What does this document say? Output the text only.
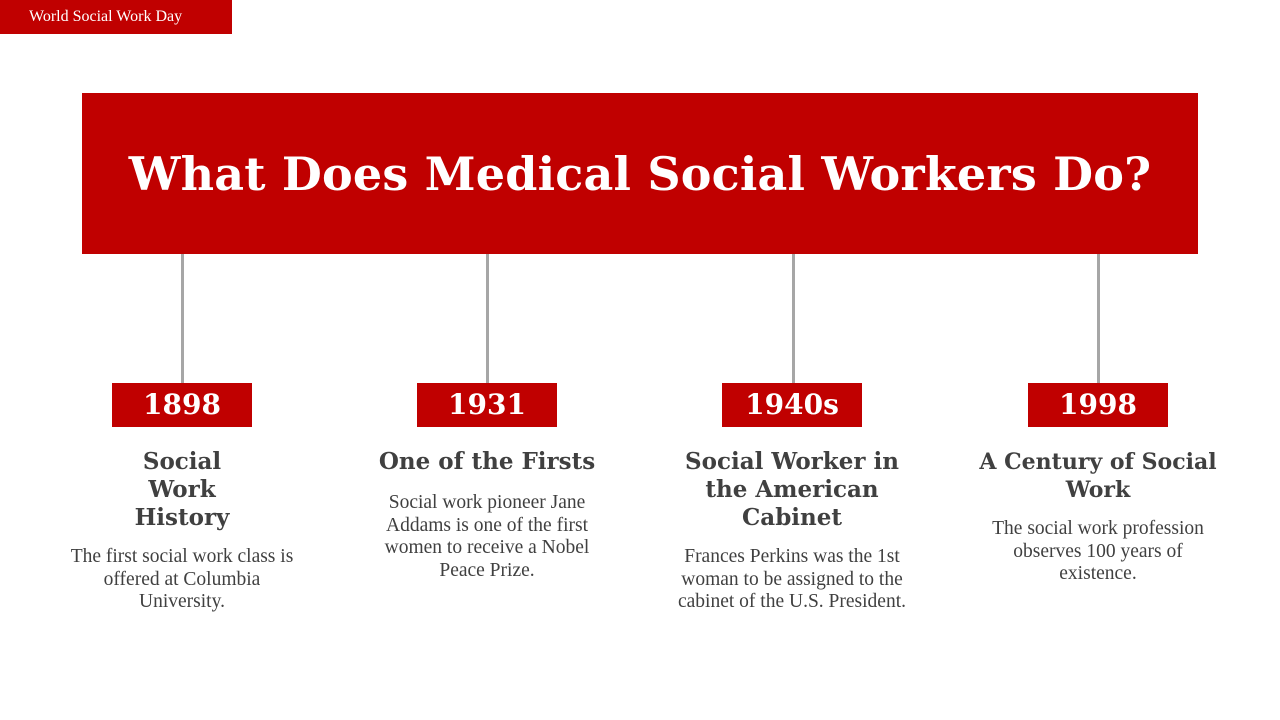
World Social Work Day
What Does Medical Social Workers Do?
1898
Social Work History
The first social work class is offered at Columbia University.
1931
One of the Firsts
Social work pioneer Jane Addams is one of the first women to receive a Nobel Peace Prize.
1940s
Social Worker in the American Cabinet
Frances Perkins was the 1st woman to be assigned to the cabinet of the U.S. President.
1998
A Century of Social Work
The social work profession observes 100 years of existence.
